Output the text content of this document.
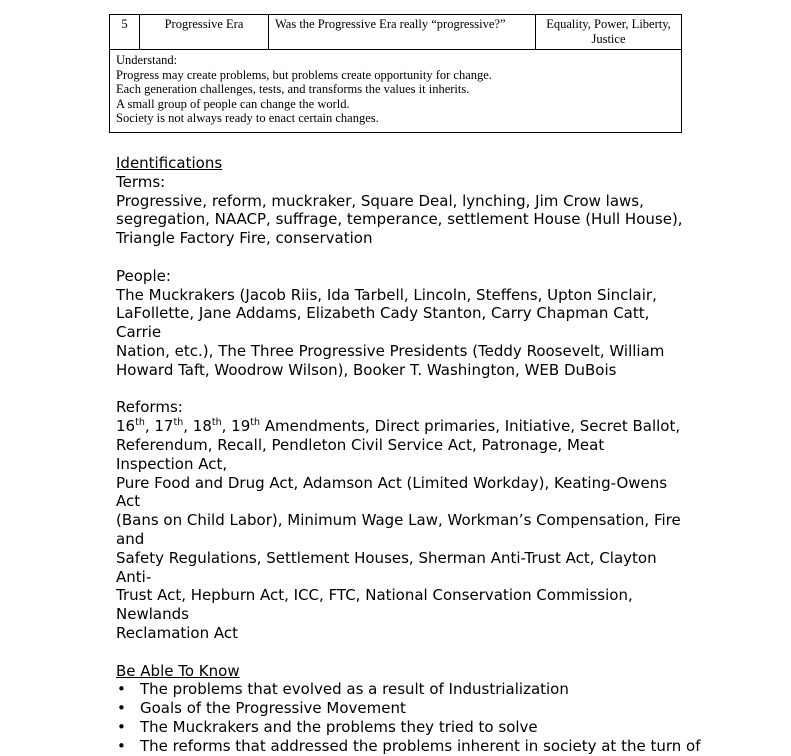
5	Progressive Era	Was the Progressive Era really “progressive?”	Equality, Power, Liberty,
Justice

Understand:
Progress may create problems, but problems create opportunity for change.
Each generation challenges, tests, and transforms the values it inherits.
A small group of people can change the world.
Society is not always ready to enact certain changes.

Identifications

Terms:

Progressive, reform, muckraker, Square Deal, lynching, Jim Crow laws,

segregation, NAACP, suffrage, temperance, settlement House (Hull House),

Triangle Factory Fire, conservation

People:

The Muckrakers (Jacob Riis, Ida Tarbell, Lincoln, Steffens, Upton Sinclair,

LaFollette, Jane Addams, Elizabeth Cady Stanton, Carry Chapman Catt, Carrie

Nation, etc.), The Three Progressive Presidents (Teddy Roosevelt, William

Howard Taft, Woodrow Wilson), Booker T. Washington, WEB DuBois

Reforms:

16th, 17th, 18th, 19th Amendments, Direct primaries, Initiative, Secret Ballot,

Referendum, Recall, Pendleton Civil Service Act, Patronage, Meat Inspection Act,

Pure Food and Drug Act, Adamson Act (Limited Workday), Keating-Owens Act

(Bans on Child Labor), Minimum Wage Law, Workman’s Compensation, Fire and

Safety Regulations, Settlement Houses, Sherman Anti-Trust Act, Clayton Anti-

Trust Act, Hepburn Act, ICC, FTC, National Conservation Commission, Newlands

Reclamation Act

Be Able To Know

• The problems that evolved as a result of Industrialization
• Goals of the Progressive Movement
• The Muckrakers and the problems they tried to solve
• The reforms that addressed the problems inherent in society at the turn of
